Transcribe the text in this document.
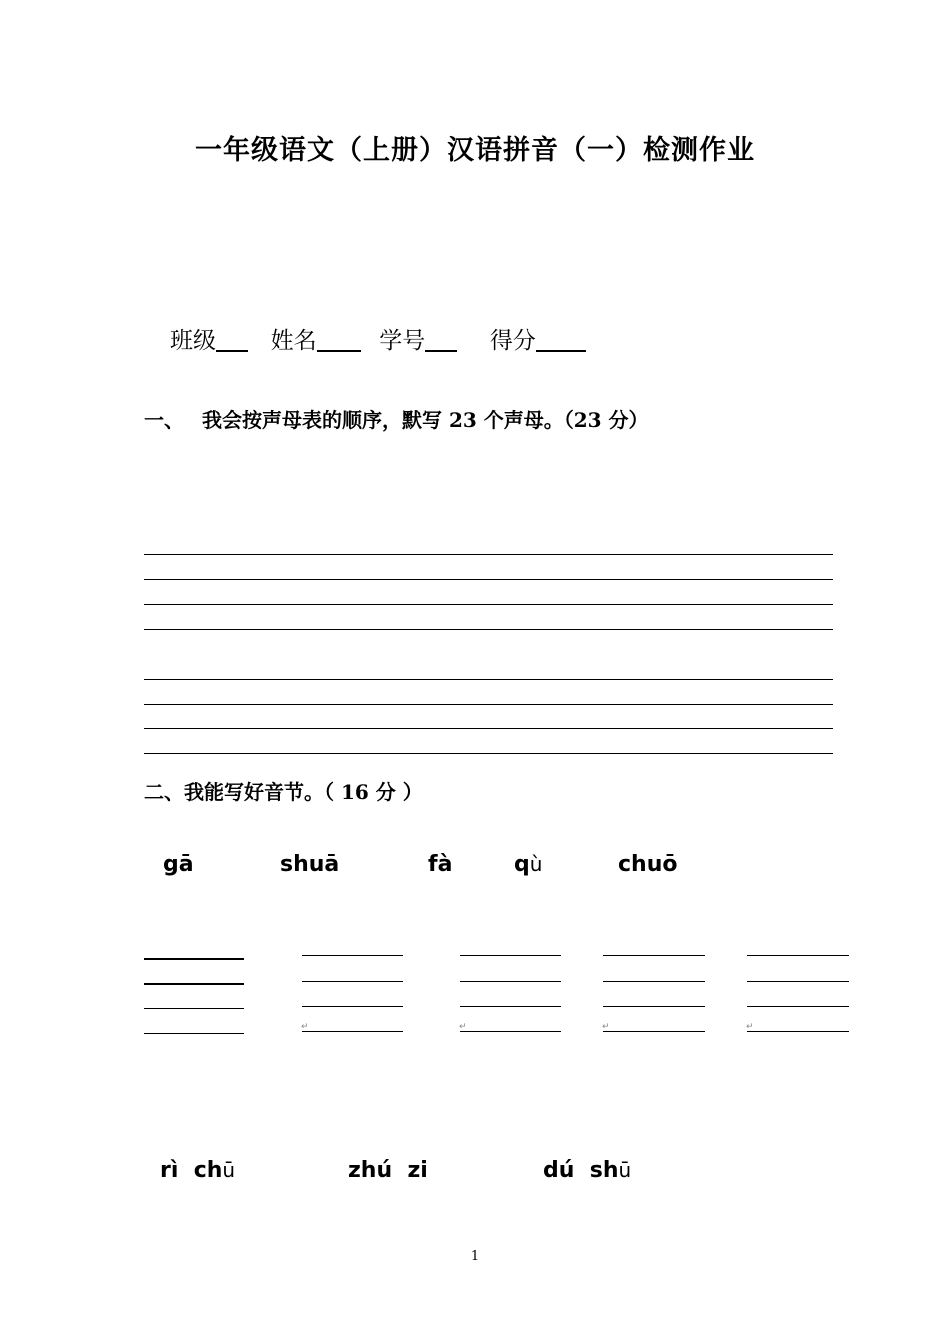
一年级语文（上册）汉语拼音（一）检测作业
班级 姓名	学号	得分
一、 我会按声母表的顺序，默写 23 个声母。（23 分）
二、我能写好音节。（ 16 分 ）
gā	shuā	fà	qù	chuō
↵	↵	↵	↵
rì chū	zhú zi	dú shū
1
